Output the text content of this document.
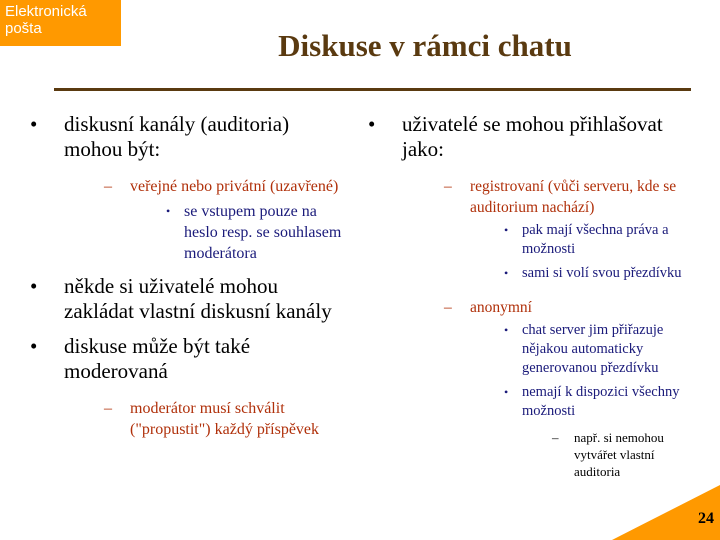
Elektronická
pošta	Diskuse v rámci chatu
• diskusní kanály (auditoria) mohou být:
– veřejné nebo privátní (uzavřené)
• se vstupem pouze na heslo resp. se souhlasem moderátora
• někde si uživatelé mohou zakládat vlastní diskusní kanály
• diskuse může být také moderovaná
– moderátor musí schválit ("propustit") každý příspěvek
• uživatelé se mohou přihlašovat jako:
– registrovaní (vůči serveru, kde se auditorium nachází)
• pak mají všechna práva a možnosti
• sami si volí svou přezdívku
– anonymní
• chat server jim přiřazuje nějakou automaticky generovanou přezdívku
• nemají k dispozici všechny možnosti
– např. si nemohou vytvářet vlastní auditoria
24
